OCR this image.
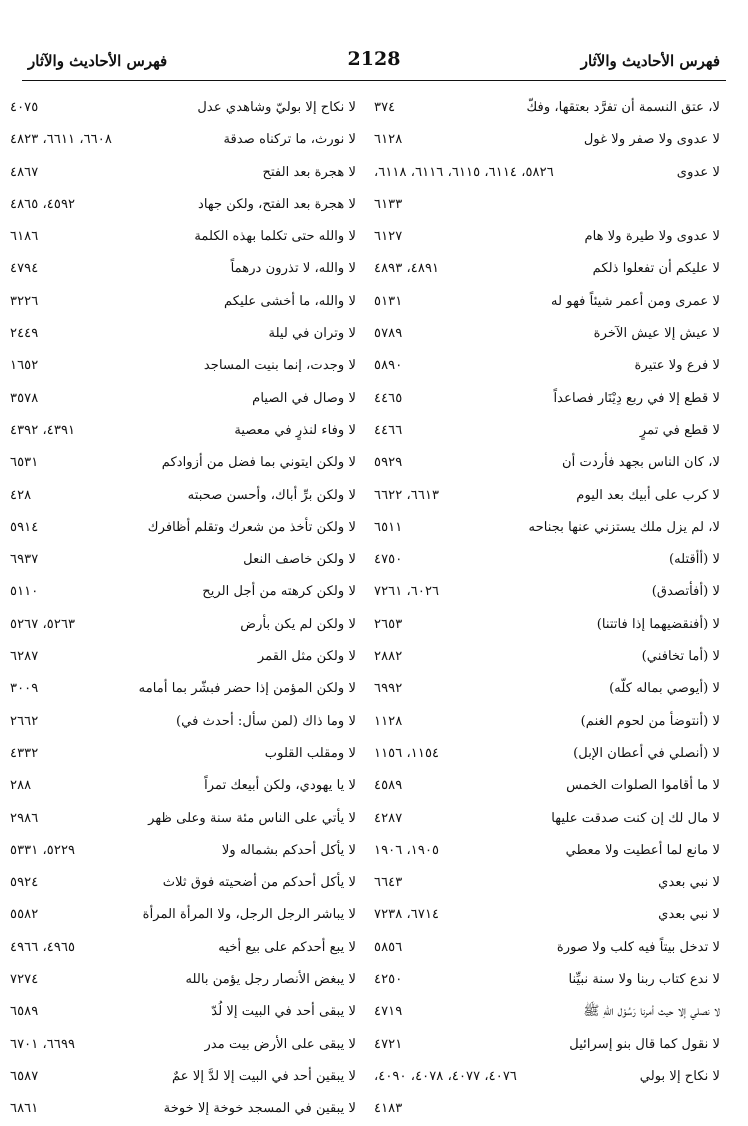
فهرس الأحاديث والآثار
2128
فهرس الأحاديث والآثار
لا، عتق النسمة أن تفرَّد بعتقها، وفكّ
٣٧٤
لا عدوى ولا صفر ولا غول
٦١٢٨
لا عدوى
٥٨٢٦، ٦١١٤، ٦١١٥، ٦١١٦، ٦١١٨،
٦١٣٣
لا عدوى ولا طيرة ولا هام
٦١٢٧
لا عليكم أن تفعلوا ذلكم
٤٨٩١، ٤٨٩٣
لا عمرى ومن أعمر شيئاً فهو له
٥١٣١
لا عيش إلا عيش الآخرة
٥٧٨٩
لا فرع ولا عتيرة
٥٨٩٠
لا قطع إلا في ربع دِيْنَار فصاعداً
٤٤٦٥
لا قطع في تمرٍ
٤٤٦٦
لا، كان الناس بجهد فأردت أن
٥٩٢٩
لا كرب على أبيك بعد اليوم
٦٦١٣، ٦٦٢٢
لا، لم يزل ملك يستزني عنها بجناحه
٦٥١١
لا (أأقتله)
٤٧٥٠
لا (أفأتصدق)
٦٠٢٦، ٧٢٦١
لا (أفنقضيهما إذا فاتتنا)
٢٦٥٣
لا (أما تخافني)
٢٨٨٢
لا (أيوصي بماله كلّه)
٦٩٩٢
لا (أنتوضأ من لحوم الغنم)
١١٢٨
لا (أنصلي في أعطان الإبل)
١١٥٤، ١١٥٦
لا ما أقاموا الصلوات الخمس
٤٥٨٩
لا مال لك إن كنت صدقت عليها
٤٢٨٧
لا مانع لما أعطيت ولا معطي
١٩٠٥، ١٩٠٦
لا نبي بعدي
٦٦٤٣
لا نبي بعدي
٦٧١٤، ٧٢٣٨
لا تدخل بيتاً فيه كلب ولا صورة
٥٨٥٦
لا ندع كتاب ربنا ولا سنة نبيِّنا
٤٢٥٠
لا نصلي إلا حيث أمرنا رَسُوْل اللهِ ﷺ
٤٧١٩
لا نقول كما قال بنو إسرائيل
٤٧٢١
لا نكاح إلا بولي
٤٠٧٦، ٤٠٧٧، ٤٠٧٨، ٤٠٩٠،
٤١٨٣
لا نكاح إلا بوليّ وشاهدي عدل
٤٠٧٥
لا نورث، ما تركناه صدقة
٦٦٠٨، ٦٦١١، ٤٨٢٣
لا هجرة بعد الفتح
٤٨٦٧
لا هجرة بعد الفتح، ولكن جهاد
٤٥٩٢، ٤٨٦٥
لا والله حتى تكلما بهذه الكلمة
٦١٨٦
لا والله، لا تذرون درهماً
٤٧٩٤
لا والله، ما أخشى عليكم
٣٢٢٦
لا وتران في ليلة
٢٤٤٩
لا وجدت، إنما بنيت المساجد
١٦٥٢
لا وصال في الصيام
٣٥٧٨
لا وفاء لنذرٍ في معصية
٤٣٩١، ٤٣٩٢
لا ولكن ايتوني بما فضل من أزوادكم
٦٥٣١
لا ولكن برِّ أباك، وأحسن صحبته
٤٢٨
لا ولكن تأخذ من شعرك وتقلم أظافرك
٥٩١٤
لا ولكن خاصف النعل
٦٩٣٧
لا ولكن كرهته من أجل الريح
٥١١٠
لا ولكن لم يكن بأرض
٥٢٦٣، ٥٢٦٧
لا ولكن مثل القمر
٦٢٨٧
لا ولكن المؤمن إذا حضر فبشّر بما أمامه
٣٠٠٩
لا وما ذاك (لمن سأل: أحدث في)
٢٦٦٢
لا ومقلب القلوب
٤٣٣٢
لا يا يهودي، ولكن أبيعك تمراً
٢٨٨
لا يأتي على الناس مئة سنة وعلى ظهر
٢٩٨٦
لا يأكل أحدكم بشماله ولا
٥٢٢٩، ٥٣٣١
لا يأكل أحدكم من أضحيته فوق ثلاث
٥٩٢٤
لا يباشر الرجل الرجل، ولا المرأة المرأة
٥٥٨٢
لا يبع أحدكم على بيع أخيه
٤٩٦٥، ٤٩٦٦
لا يبغض الأنصار رجل يؤمن بالله
٧٢٧٤
لا يبقى أحد في البيت إلا لُدّ
٦٥٨٩
لا يبقى على الأرض بيت مدر
٦٦٩٩، ٦٧٠١
لا يبقين أحد في البيت إلا لدَّ إلا عمٌ
٦٥٨٧
لا يبقين في المسجد خوخة إلا خوخة
٦٨٦١
